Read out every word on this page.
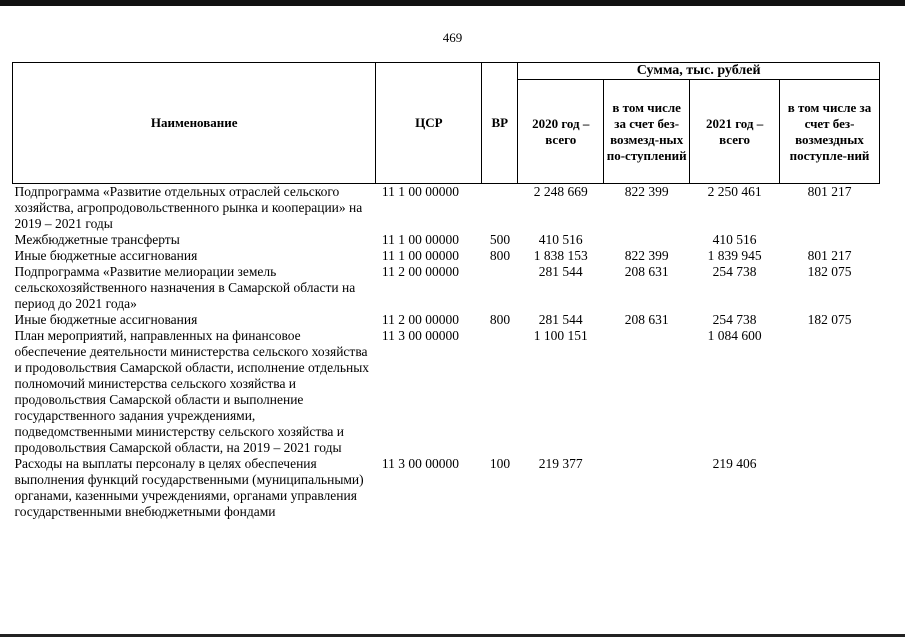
469
Наименование	ЦСР	ВР	Сумма, тыс. рублей			
			2020 год – всего	в том числе за счет без-возмезд-ных по-ступлений	2021 год – всего	в том числе за счет без-возмездных поступле-ний
Подпрограмма «Развитие отдельных отраслей сельского хозяйства, агропродовольственного рынка и кооперации» на 2019 – 2021 годы	11 1 00 00000		2 248 669	822 399	2 250 461	801 217
Межбюджетные трансферты	11 1 00 00000	500	410 516		410 516	
Иные бюджетные ассигнования	11 1 00 00000	800	1 838 153	822 399	1 839 945	801 217
Подпрограмма «Развитие мелиорации земель сельскохозяйственного назначения в Самарской области на период до 2021 года»	11 2 00 00000		281 544	208 631	254 738	182 075
Иные бюджетные ассигнования	11 2 00 00000	800	281 544	208 631	254 738	182 075
План мероприятий, направленных на финансовое обеспечение деятельности министерства сельского хозяйства и продовольствия Самарской области, исполнение отдельных полномочий министерства сельского хозяйства и продовольствия Самарской области и выполнение государственного задания учреждениями, подведомственными министерству сельского хозяйства и продовольствия Самарской области, на 2019 – 2021 годы	11 3 00 00000		1 100 151		1 084 600	
Расходы на выплаты персоналу в целях обеспечения выполнения функций государственными (муниципальными) органами, казенными учреждениями, органами управления государственными внебюджетными фондами	11 3 00 00000	100	219 377		219 406	
